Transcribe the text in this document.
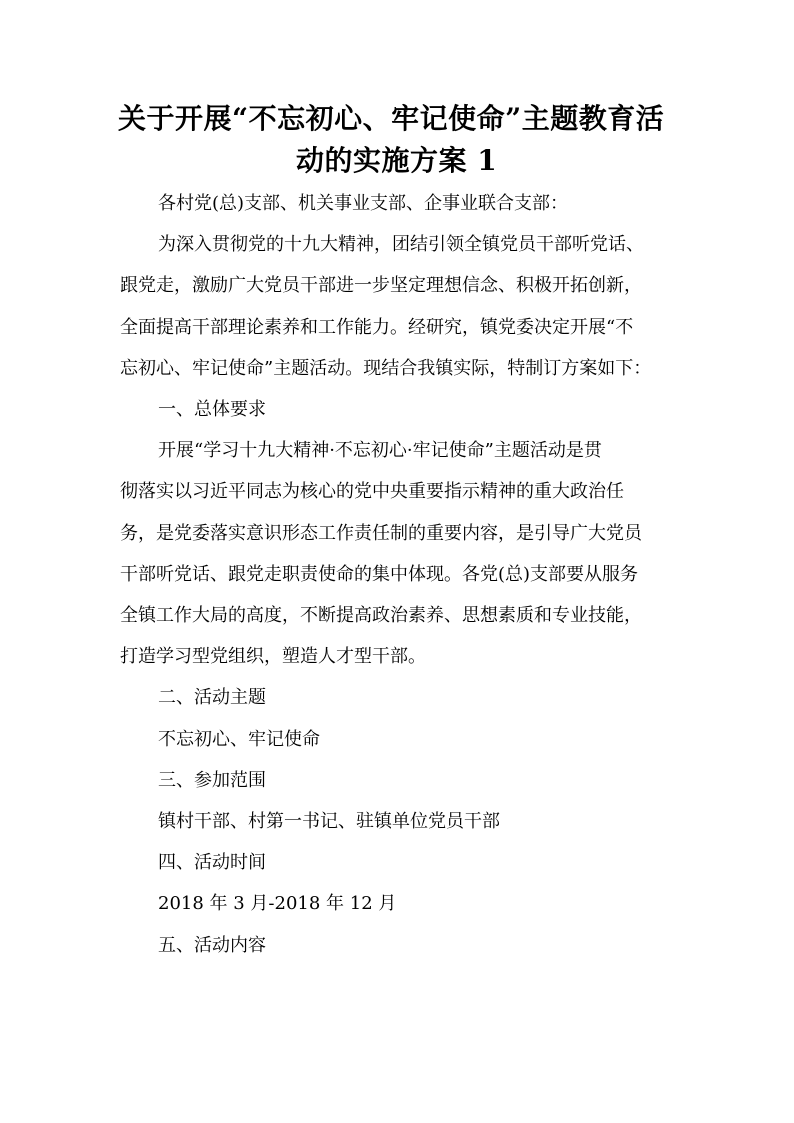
关于开展“不忘初心、牢记使命”主题教育活
动的实施方案 1
各村党(总)支部、机关事业支部、企事业联合支部：
为深入贯彻党的十九大精神，团结引领全镇党员干部听党话、
跟党走，激励广大党员干部进一步坚定理想信念、积极开拓创新，
全面提高干部理论素养和工作能力。经研究，镇党委决定开展“不
忘初心、牢记使命”主题活动。现结合我镇实际，特制订方案如下：
一、总体要求
开展“学习十九大精神·不忘初心·牢记使命”主题活动是贯
彻落实以习近平同志为核心的党中央重要指示精神的重大政治任
务，是党委落实意识形态工作责任制的重要内容，是引导广大党员
干部听党话、跟党走职责使命的集中体现。各党(总)支部要从服务
全镇工作大局的高度，不断提高政治素养、思想素质和专业技能，
打造学习型党组织，塑造人才型干部。
二、活动主题
不忘初心、牢记使命
三、参加范围
镇村干部、村第一书记、驻镇单位党员干部
四、活动时间
2018 年 3 月-2018 年 12 月
五、活动内容
